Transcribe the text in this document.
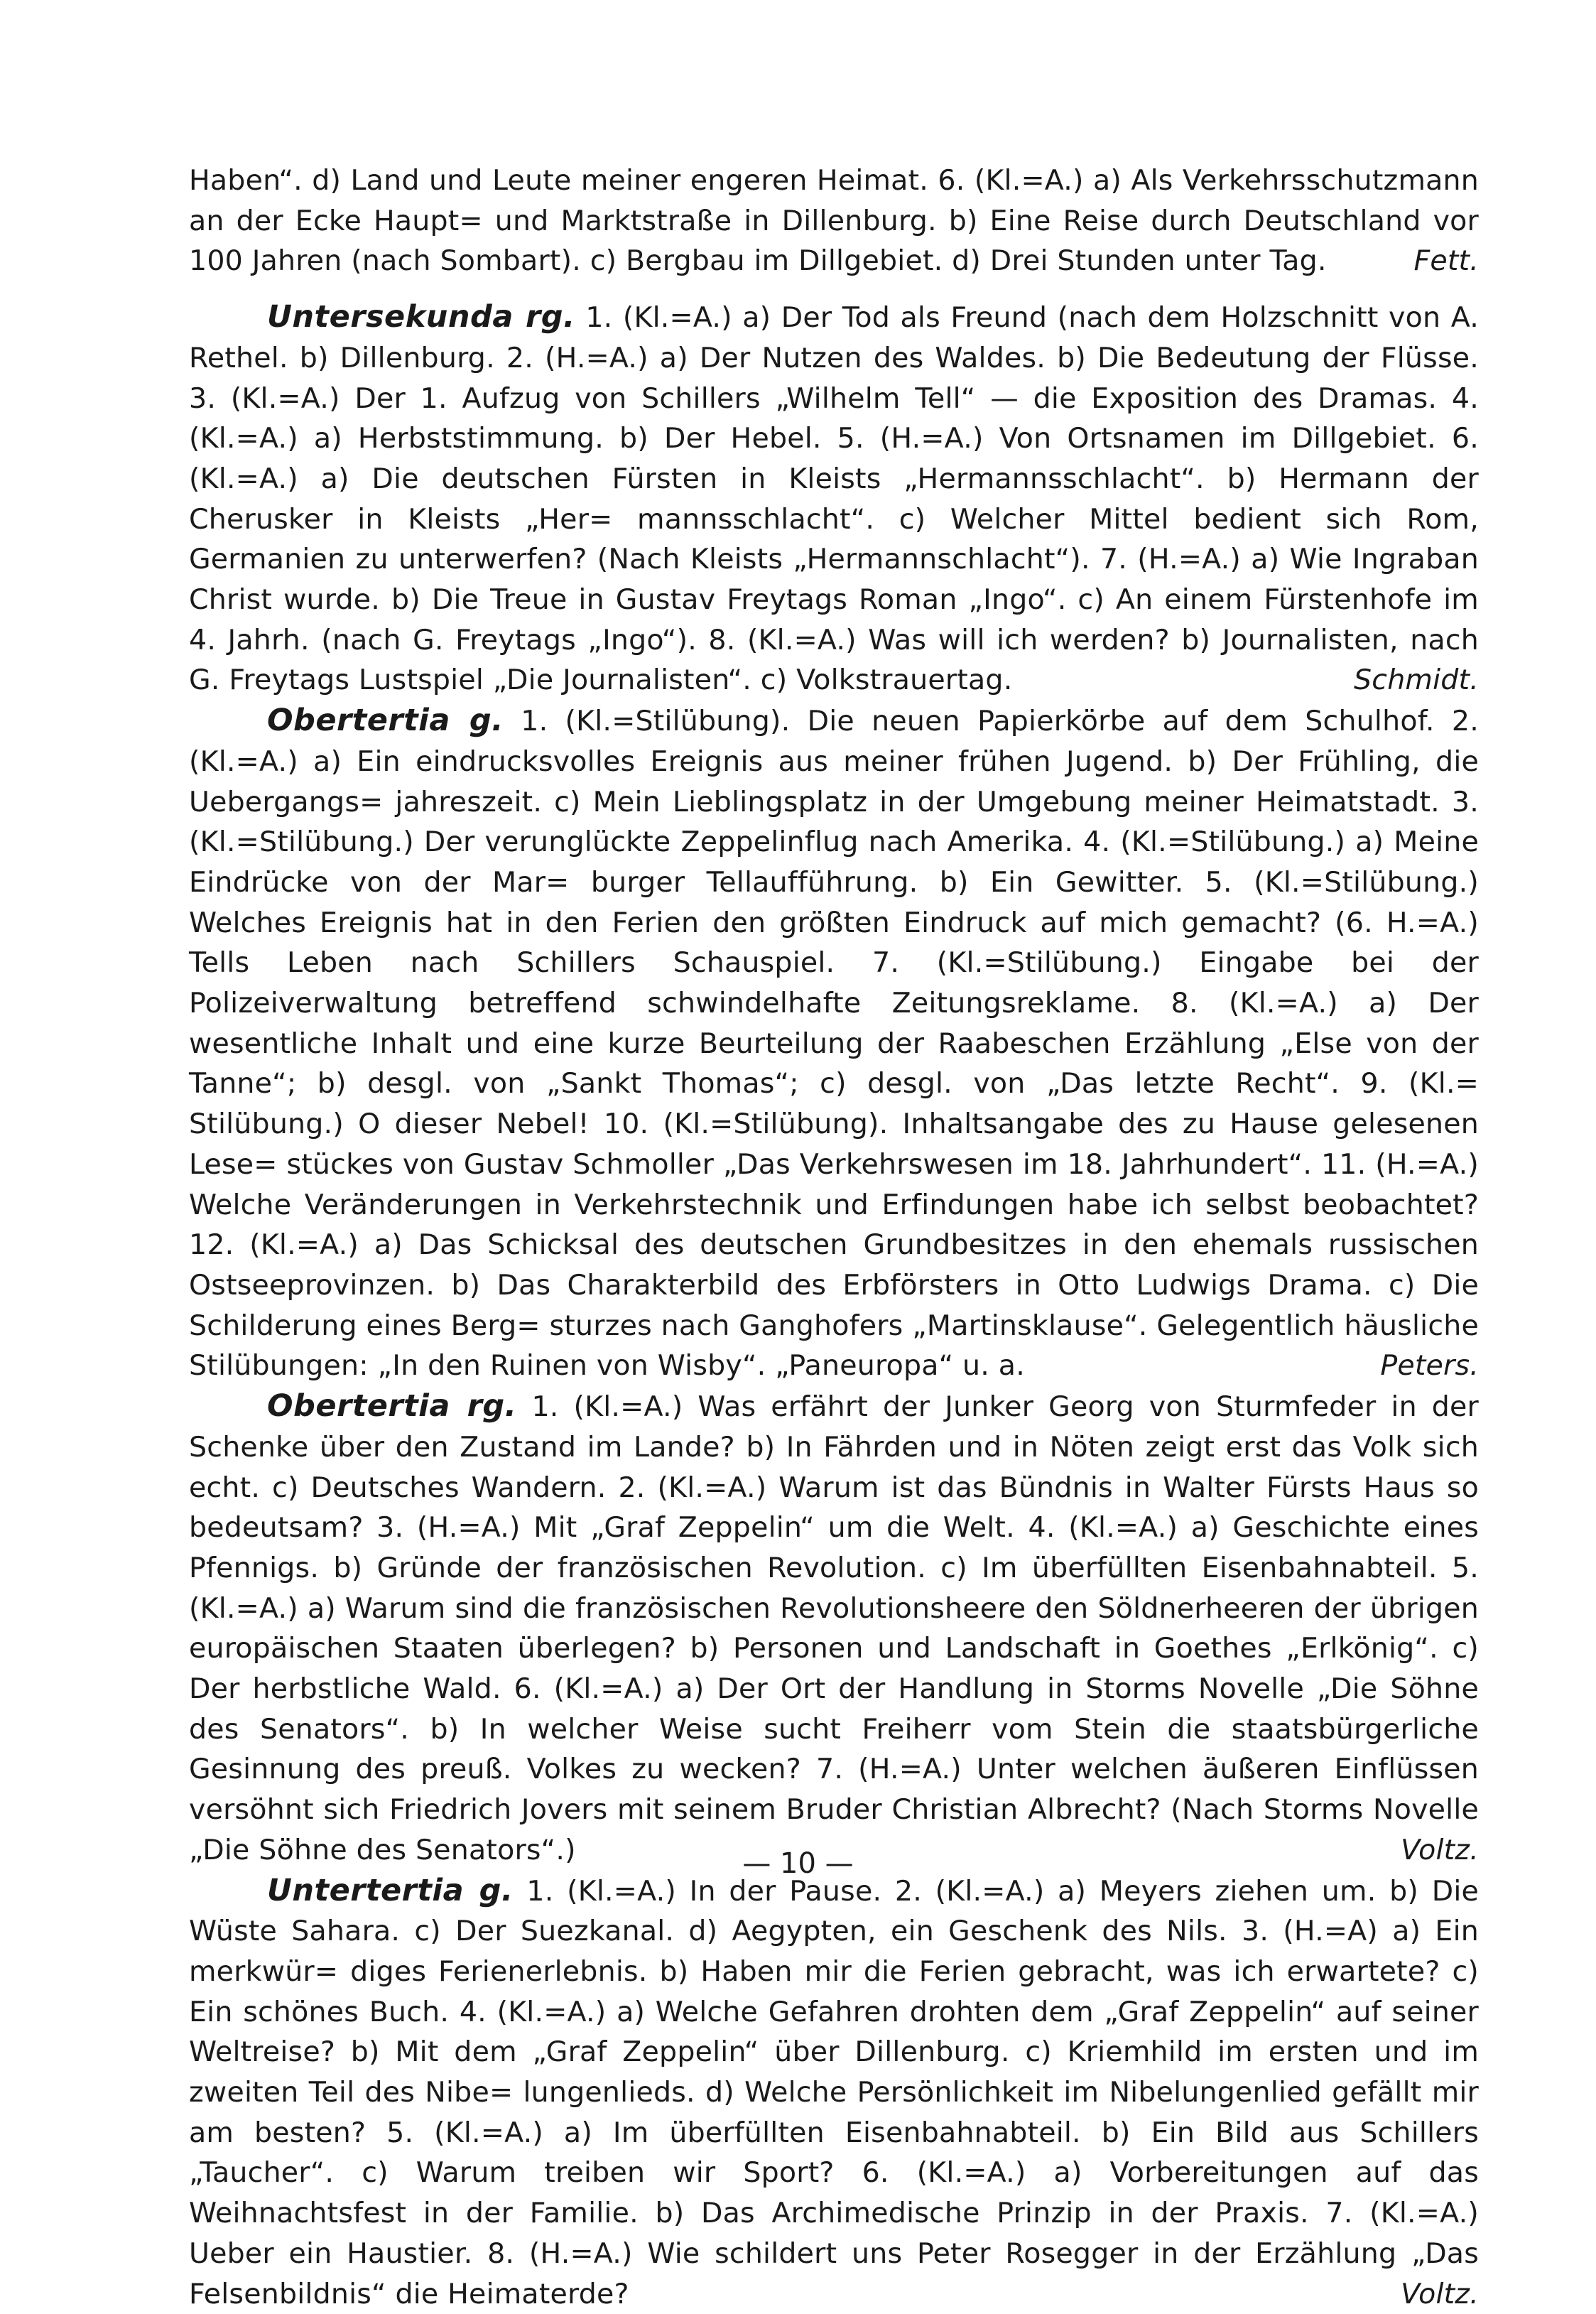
Haben“. d) Land und Leute meiner engeren Heimat. 6. (Kl.=A.) a) Als Verkehrsschutzmann an der Ecke Haupt= und Marktstraße in Dillenburg. b) Eine Reise durch Deutschland vor 100 Jahren (nach Sombart). c) Bergbau im Dillgebiet. d) Drei Stunden unter Tag.	Fett.

Untersekunda rg. 1. (Kl.=A.) a) Der Tod als Freund (nach dem Holzschnitt von A. Rethel. b) Dillenburg. 2. (H.=A.) a) Der Nutzen des Waldes. b) Die Bedeutung der Flüsse. 3. (Kl.=A.) Der 1. Aufzug von Schillers „Wilhelm Tell“ — die Exposition des Dramas. 4. (Kl.=A.) a) Herbststimmung. b) Der Hebel. 5. (H.=A.) Von Ortsnamen im Dillgebiet. 6. (Kl.=A.) a) Die deutschen Fürsten in Kleists „Hermannsschlacht“. b) Hermann der Cherusker in Kleists „Her= mannsschlacht“. c) Welcher Mittel bedient sich Rom, Germanien zu unterwerfen? (Nach Kleists „Hermannschlacht“). 7. (H.=A.) a) Wie Ingraban Christ wurde. b) Die Treue in Gustav Freytags Roman „Ingo“. c) An einem Fürstenhofe im 4. Jahrh. (nach G. Freytags „Ingo“). 8. (Kl.=A.) Was will ich werden? b) Journalisten, nach G. Freytags Lustspiel „Die Journalisten“. c) Volkstrauertag.	Schmidt.

Obertertia g. 1. (Kl.=Stilübung). Die neuen Papierkörbe auf dem Schulhof. 2. (Kl.=A.) a) Ein eindrucksvolles Ereignis aus meiner frühen Jugend. b) Der Frühling, die Uebergangs= jahreszeit. c) Mein Lieblingsplatz in der Umgebung meiner Heimatstadt. 3. (Kl.=Stilübung.) Der verunglückte Zeppelinflug nach Amerika. 4. (Kl.=Stilübung.) a) Meine Eindrücke von der Mar= burger Tellaufführung. b) Ein Gewitter. 5. (Kl.=Stilübung.) Welches Ereignis hat in den Ferien den größten Eindruck auf mich gemacht? (6. H.=A.) Tells Leben nach Schillers Schauspiel. 7. (Kl.=Stilübung.) Eingabe bei der Polizeiverwaltung betreffend schwindelhafte Zeitungsreklame. 8. (Kl.=A.) a) Der wesentliche Inhalt und eine kurze Beurteilung der Raabeschen Erzählung „Else von der Tanne“; b) desgl. von „Sankt Thomas“; c) desgl. von „Das letzte Recht“. 9. (Kl.= Stilübung.) O dieser Nebel! 10. (Kl.=Stilübung). Inhaltsangabe des zu Hause gelesenen Lese= stückes von Gustav Schmoller „Das Verkehrswesen im 18. Jahrhundert“. 11. (H.=A.) Welche Veränderungen in Verkehrstechnik und Erfindungen habe ich selbst beobachtet? 12. (Kl.=A.) a) Das Schicksal des deutschen Grundbesitzes in den ehemals russischen Ostseeprovinzen. b) Das Charakterbild des Erbförsters in Otto Ludwigs Drama. c) Die Schilderung eines Berg= sturzes nach Ganghofers „Martinsklause“. Gelegentlich häusliche Stilübungen: „In den Ruinen von Wisby“. „Paneuropa“ u. a.	Peters.

Obertertia rg. 1. (Kl.=A.) Was erfährt der Junker Georg von Sturmfeder in der Schenke über den Zustand im Lande? b) In Fährden und in Nöten zeigt erst das Volk sich echt. c) Deutsches Wandern. 2. (Kl.=A.) Warum ist das Bündnis in Walter Fürsts Haus so bedeutsam? 3. (H.=A.) Mit „Graf Zeppelin“ um die Welt. 4. (Kl.=A.) a) Geschichte eines Pfennigs. b) Gründe der französischen Revolution. c) Im überfüllten Eisenbahnabteil. 5. (Kl.=A.) a) Warum sind die französischen Revolutionsheere den Söldnerheeren der übrigen europäischen Staaten überlegen? b) Personen und Landschaft in Goethes „Erlkönig“. c) Der herbstliche Wald. 6. (Kl.=A.) a) Der Ort der Handlung in Storms Novelle „Die Söhne des Senators“. b) In welcher Weise sucht Freiherr vom Stein die staatsbürgerliche Gesinnung des preuß. Volkes zu wecken? 7. (H.=A.) Unter welchen äußeren Einflüssen versöhnt sich Friedrich Jovers mit seinem Bruder Christian Albrecht? (Nach Storms Novelle „Die Söhne des Senators“.)	Voltz.

Untertertia g. 1. (Kl.=A.) In der Pause. 2. (Kl.=A.) a) Meyers ziehen um. b) Die Wüste Sahara. c) Der Suezkanal. d) Aegypten, ein Geschenk des Nils. 3. (H.=A) a) Ein merkwür= diges Ferienerlebnis. b) Haben mir die Ferien gebracht, was ich erwartete? c) Ein schönes Buch. 4. (Kl.=A.) a) Welche Gefahren drohten dem „Graf Zeppelin“ auf seiner Weltreise? b) Mit dem „Graf Zeppelin“ über Dillenburg. c) Kriemhild im ersten und im zweiten Teil des Nibe= lungenlieds. d) Welche Persönlichkeit im Nibelungenlied gefällt mir am besten? 5. (Kl.=A.) a) Im überfüllten Eisenbahnabteil. b) Ein Bild aus Schillers „Taucher“. c) Warum treiben wir Sport? 6. (Kl.=A.) a) Vorbereitungen auf das Weihnachtsfest in der Familie. b) Das Archimedische Prinzip in der Praxis. 7. (Kl.=A.) Ueber ein Haustier. 8. (H.=A.) Wie schildert uns Peter Rosegger in der Erzählung „Das Felsenbildnis“ die Heimaterde?	Voltz.

— 10 —
